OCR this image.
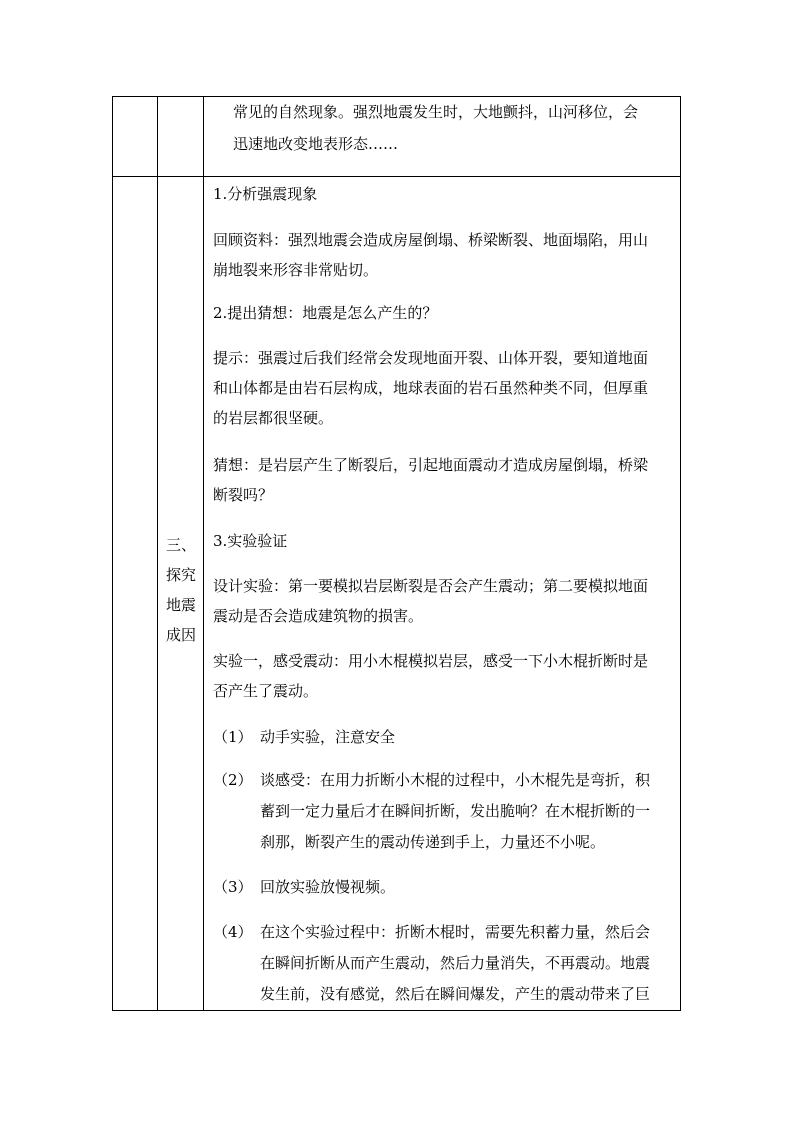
常见的自然现象。强烈地震发生时，大地颤抖，山河移位，会
迅速地改变地表形态……
三、
探究
地震
成因
1.分析强震现象
回顾资料：强烈地震会造成房屋倒塌、桥梁断裂、地面塌陷，用山
崩地裂来形容非常贴切。
2.提出猜想：地震是怎么产生的？
提示：强震过后我们经常会发现地面开裂、山体开裂，要知道地面
和山体都是由岩石层构成，地球表面的岩石虽然种类不同，但厚重
的岩层都很坚硬。
猜想：是岩层产生了断裂后，引起地面震动才造成房屋倒塌，桥梁
断裂吗？
3.实验验证
设计实验：第一要模拟岩层断裂是否会产生震动；第二要模拟地面
震动是否会造成建筑物的损害。
实验一，感受震动：用小木棍模拟岩层，感受一下小木棍折断时是
否产生了震动。
（1） 动手实验，注意安全
（2） 谈感受：在用力折断小木棍的过程中，小木棍先是弯折，积
蓄到一定力量后才在瞬间折断，发出脆响？在木棍折断的一
刹那，断裂产生的震动传递到手上，力量还不小呢。
（3） 回放实验放慢视频。
（4） 在这个实验过程中：折断木棍时，需要先积蓄力量，然后会
在瞬间折断从而产生震动，然后力量消失，不再震动。地震
发生前，没有感觉，然后在瞬间爆发，产生的震动带来了巨
